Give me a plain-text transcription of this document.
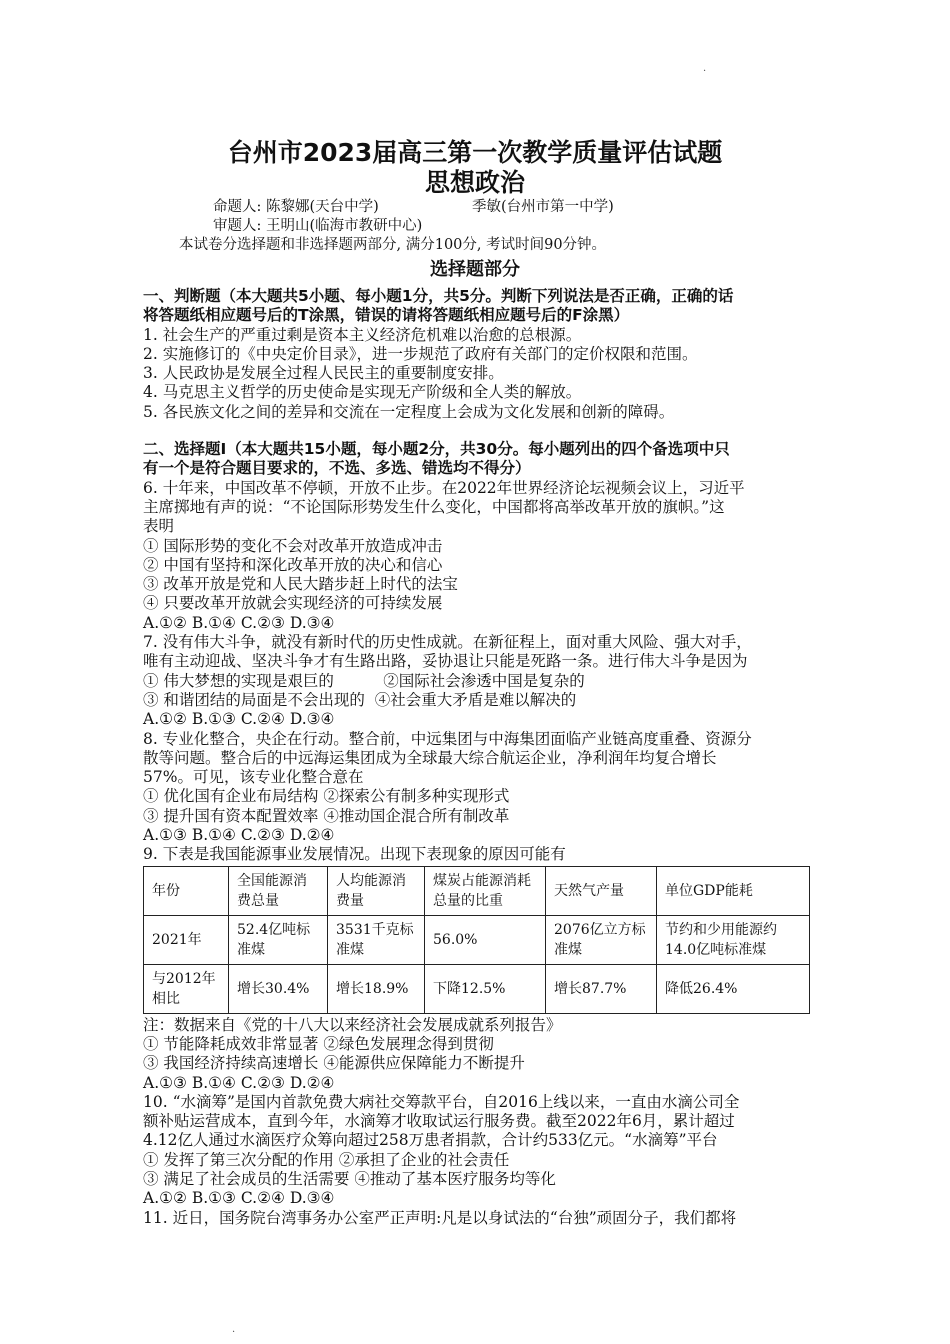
·
台州市2023届高三第一次教学质量评估试题
思想政治
命题人: 陈黎娜(天台中学)	季敏(台州市第一中学)
审题人: 王明山(临海市教研中心)
本试卷分选择题和非选择题两部分, 满分100分, 考试时间90分钟。
选择题部分

一、判断题（本大题共5小题、每小题1分，共5分。判断下列说法是否正确，正确的话

将答题纸相应题号后的T涂黑，错误的请将答题纸相应题号后的F涂黑）

1. 社会生产的严重过剩是资本主义经济危机难以治愈的总根源。

2. 实施修订的《中央定价目录》，进一步规范了政府有关部门的定价权限和范围。

3. 人民政协是发展全过程人民民主的重要制度安排。

4. 马克思主义哲学的历史使命是实现无产阶级和全人类的解放。

5. 各民族文化之间的差异和交流在一定程度上会成为文化发展和创新的障碍。

二、选择题Ⅰ（本大题共15小题，每小题2分，共30分。每小题列出的四个备选项中只

有一个是符合题目要求的，不选、多选、错选均不得分）

6. 十年来，中国改革不停顿，开放不止步。在2022年世界经济论坛视频会议上，习近平

主席掷地有声的说：“不论国际形势发生什么变化，中国都将高举改革开放的旗帜。”这

表明

① 国际形势的变化不会对改革开放造成冲击

② 中国有坚持和深化改革开放的决心和信心

③ 改革开放是党和人民大踏步赶上时代的法宝

④ 只要改革开放就会实现经济的可持续发展

A.①② B.①④ C.②③ D.③④

7. 没有伟大斗争，就没有新时代的历史性成就。在新征程上，面对重大风险、强大对手，

唯有主动迎战、坚决斗争才有生路出路，妥协退让只能是死路一条。进行伟大斗争是因为

① 伟大梦想的实现是艰巨的          ②国际社会渗透中国是复杂的

③ 和谐团结的局面是不会出现的  ④社会重大矛盾是难以解决的

A.①② B.①③ C.②④ D.③④

8. 专业化整合，央企在行动。整合前，中远集团与中海集团面临产业链高度重叠、资源分

散等问题。整合后的中远海运集团成为全球最大综合航运企业，净利润年均复合增长

57%。可见，该专业化整合意在

① 优化国有企业布局结构 ②探索公有制多种实现形式

③ 提升国有资本配置效率 ④推动国企混合所有制改革

A.①③ B.①④ C.②③ D.②④

9. 下表是我国能源事业发展情况。出现下表现象的原因可能有

年份	全国能源消费总量	人均能源消费量	煤炭占能源消耗总量的比重	天然气产量	单位GDP能耗
2021年	52.4亿吨标准煤	3531千克标准煤	56.0%	2076亿立方标准煤	节约和少用能源约14.0亿吨标准煤
与2012年相比	增长30.4%	增长18.9%	下降12.5%	增长87.7%	降低26.4%

注：数据来自《党的十八大以来经济社会发展成就系列报告》

① 节能降耗成效非常显著 ②绿色发展理念得到贯彻

③ 我国经济持续高速增长 ④能源供应保障能力不断提升

A.①③ B.①④ C.②③ D.②④

10. “水滴筹”是国内首款免费大病社交筹款平台，自2016上线以来，一直由水滴公司全

额补贴运营成本，直到今年，水滴筹才收取试运行服务费。截至2022年6月，累计超过

4.12亿人通过水滴医疗众筹向超过258万患者捐款，合计约533亿元。“水滴筹”平台

① 发挥了第三次分配的作用 ②承担了企业的社会责任

③ 满足了社会成员的生活需要 ④推动了基本医疗服务均等化

A.①② B.①③ C.②④ D.③④

11. 近日，国务院台湾事务办公室严正声明:凡是以身试法的“台独”顽固分子，我们都将

·
